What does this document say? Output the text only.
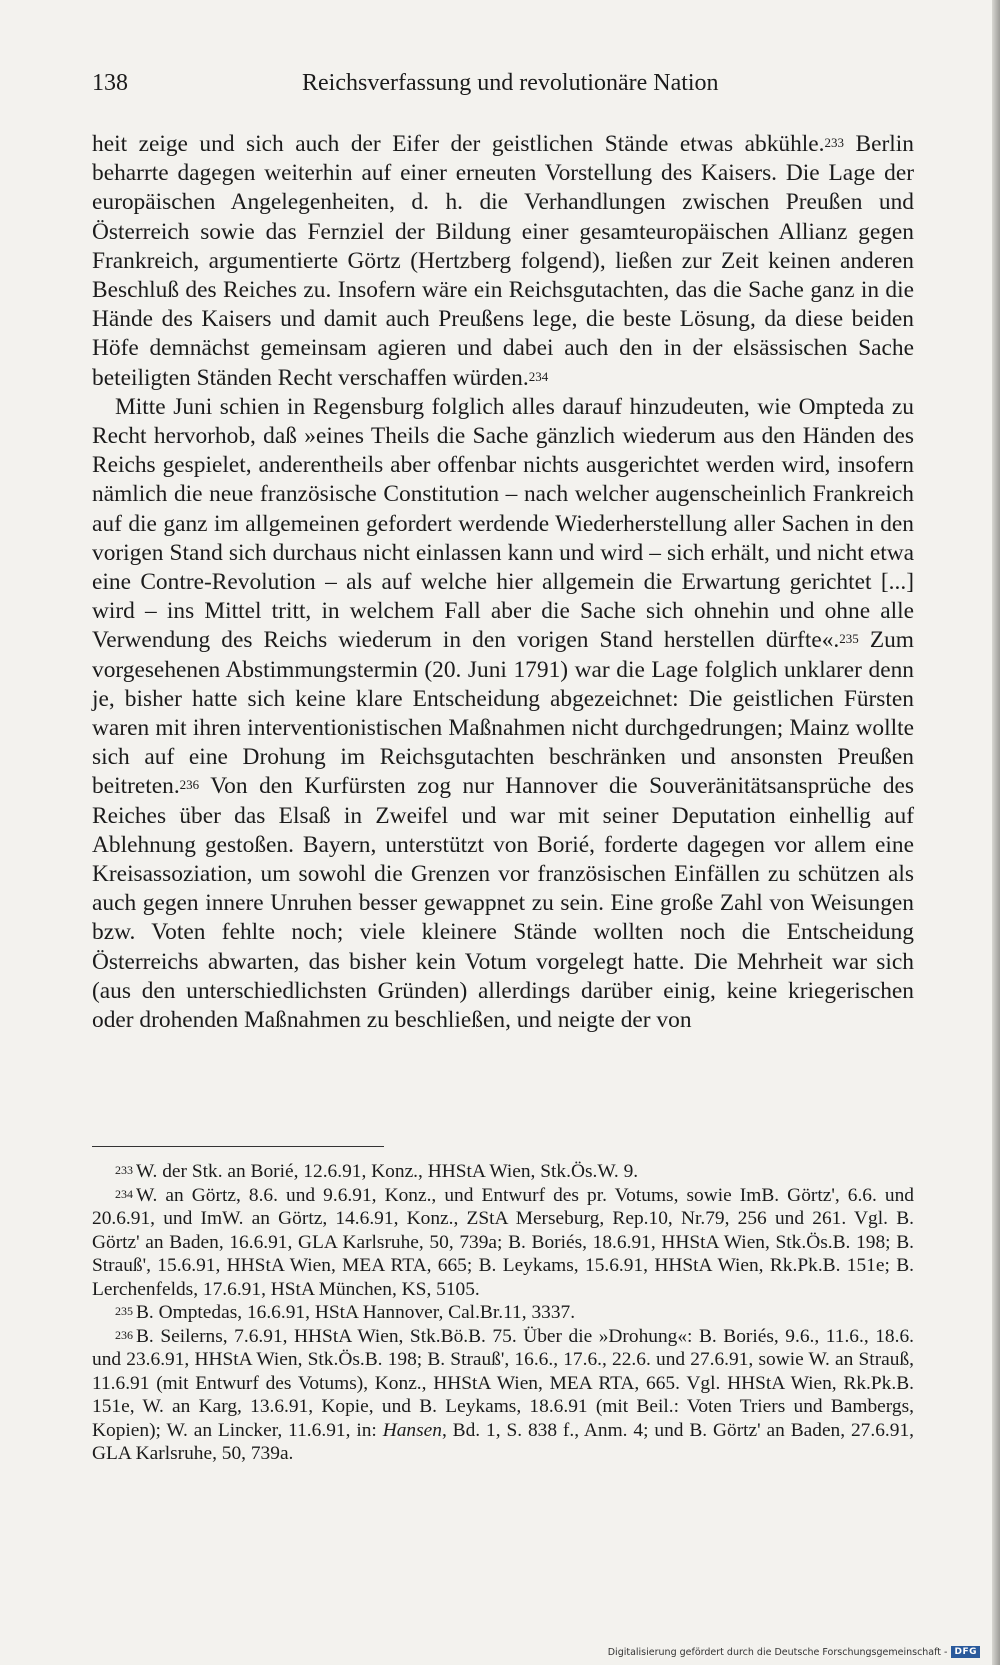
138	Reichsverfassung und revolutionäre Nation

heit zeige und sich auch der Eifer der geistlichen Stände etwas abkühle.$^{233}$ Berlin beharrte dagegen weiterhin auf einer erneuten Vorstellung des Kaisers. Die Lage der europäischen Angelegenheiten, d. h. die Verhandlungen zwischen Preußen und Österreich sowie das Fernziel der Bildung einer gesamteuropäischen Allianz gegen Frankreich, argumentierte Görtz (Hertzberg folgend), ließen zur Zeit keinen anderen Beschluß des Reiches zu. Insofern wäre ein Reichsgutachten, das die Sache ganz in die Hände des Kaisers und damit auch Preußens lege, die beste Lösung, da diese beiden Höfe demnächst gemeinsam agieren und dabei auch den in der elsässischen Sache beteiligten Ständen Recht verschaffen würden.$^{234}$

Mitte Juni schien in Regensburg folglich alles darauf hinzudeuten, wie Ompteda zu Recht hervorhob, daß »eines Theils die Sache gänzlich wiederum aus den Händen des Reichs gespielet, anderentheils aber offenbar nichts ausgerichtet werden wird, insofern nämlich die neue französische Constitution – nach welcher augenscheinlich Frankreich auf die ganz im allgemeinen gefordert werdende Wiederherstellung aller Sachen in den vorigen Stand sich durchaus nicht einlassen kann und wird – sich erhält, und nicht etwa eine Contre-Revolution – als auf welche hier allgemein die Erwartung gerichtet [...] wird – ins Mittel tritt, in welchem Fall aber die Sache sich ohnehin und ohne alle Verwendung des Reichs wiederum in den vorigen Stand herstellen dürfte«.$^{235}$ Zum vorgesehenen Abstimmungstermin (20. Juni 1791) war die Lage folglich unklarer denn je, bisher hatte sich keine klare Entscheidung abgezeichnet: Die geistlichen Fürsten waren mit ihren interventionistischen Maßnahmen nicht durchgedrungen; Mainz wollte sich auf eine Drohung im Reichsgutachten beschränken und ansonsten Preußen beitreten.$^{236}$ Von den Kurfürsten zog nur Hannover die Souveränitätsansprüche des Reiches über das Elsaß in Zweifel und war mit seiner Deputation einhellig auf Ablehnung gestoßen. Bayern, unterstützt von Borié, forderte dagegen vor allem eine Kreisassoziation, um sowohl die Grenzen vor französischen Einfällen zu schützen als auch gegen innere Unruhen besser gewappnet zu sein. Eine große Zahl von Weisungen bzw. Voten fehlte noch; viele kleinere Stände wollten noch die Entscheidung Österreichs abwarten, das bisher kein Votum vorgelegt hatte. Die Mehrheit war sich (aus den unterschiedlichsten Gründen) allerdings darüber einig, keine kriegerischen oder drohenden Maßnahmen zu beschließen, und neigte der von

$^{233}$ W. der Stk. an Borié, 12.6.91, Konz., HHStA Wien, Stk.Ös.W. 9.

$^{234}$ W. an Görtz, 8.6. und 9.6.91, Konz., und Entwurf des pr. Votums, sowie ImB. Görtz', 6.6. und 20.6.91, und ImW. an Görtz, 14.6.91, Konz., ZStA Merseburg, Rep.10, Nr.79, 256 und 261. Vgl. B. Görtz' an Baden, 16.6.91, GLA Karlsruhe, 50, 739a; B. Boriés, 18.6.91, HHStA Wien, Stk.Ös.B. 198; B. Strauß', 15.6.91, HHStA Wien, MEA RTA, 665; B. Leykams, 15.6.91, HHStA Wien, Rk.Pk.B. 151e; B. Lerchenfelds, 17.6.91, HStA München, KS, 5105.

$^{235}$ B. Omptedas, 16.6.91, HStA Hannover, Cal.Br.11, 3337.

$^{236}$ B. Seilerns, 7.6.91, HHStA Wien, Stk.Bö.B. 75. Über die »Drohung«: B. Boriés, 9.6., 11.6., 18.6. und 23.6.91, HHStA Wien, Stk.Ös.B. 198; B. Strauß', 16.6., 17.6., 22.6. und 27.6.91, sowie W. an Strauß, 11.6.91 (mit Entwurf des Votums), Konz., HHStA Wien, MEA RTA, 665. Vgl. HHStA Wien, Rk.Pk.B. 151e, W. an Karg, 13.6.91, Kopie, und B. Leykams, 18.6.91 (mit Beil.: Voten Triers und Bambergs, Kopien); W. an Lincker, 11.6.91, in: Hansen, Bd. 1, S. 838 f., Anm. 4; und B. Görtz' an Baden, 27.6.91, GLA Karlsruhe, 50, 739a.

Digitalisierung gefördert durch die Deutsche Forschungsgemeinschaft - DFG
